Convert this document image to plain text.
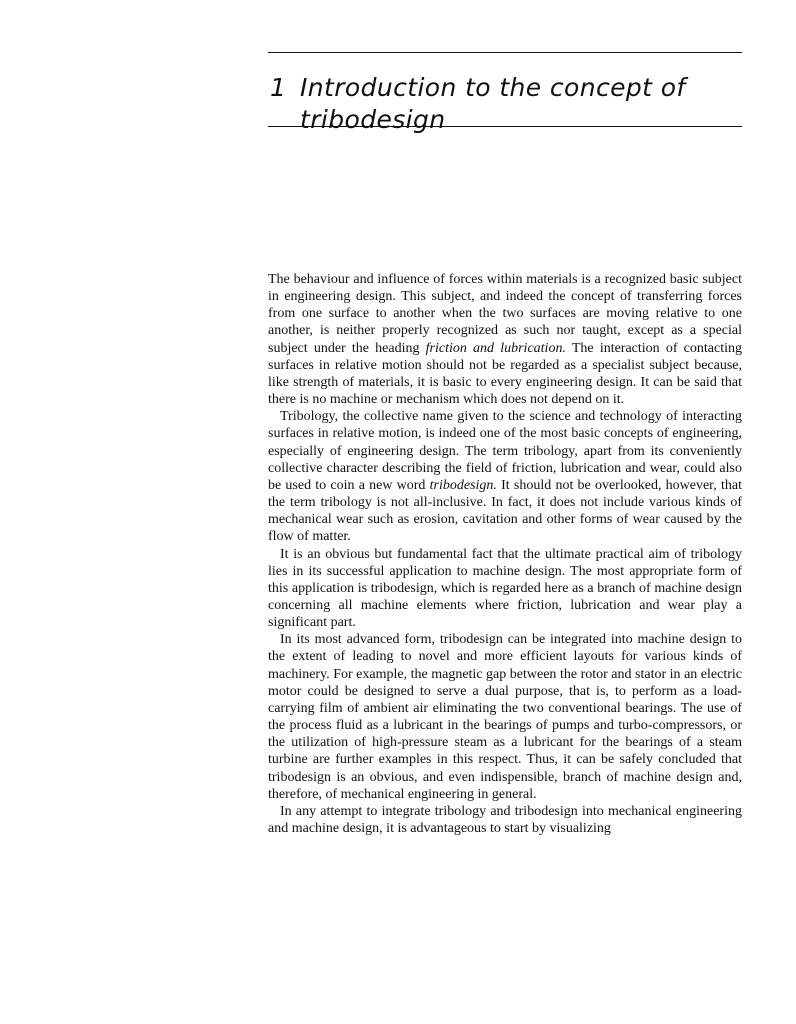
1 Introduction to the concept of
tribodesign

The behaviour and influence of forces within materials is a recognized basic subject in engineering design. This subject, and indeed the concept of transferring forces from one surface to another when the two surfaces are moving relative to one another, is neither properly recognized as such nor taught, except as a special subject under the heading friction and lubrication. The interaction of contacting surfaces in relative motion should not be regarded as a specialist subject because, like strength of materials, it is basic to every engineering design. It can be said that there is no machine or mechanism which does not depend on it.

Tribology, the collective name given to the science and technology of interacting surfaces in relative motion, is indeed one of the most basic concepts of engineering, especially of engineering design. The term tribology, apart from its conveniently collective character describing the field of friction, lubrication and wear, could also be used to coin a new word tribodesign. It should not be overlooked, however, that the term tribology is not all-inclusive. In fact, it does not include various kinds of mechanical wear such as erosion, cavitation and other forms of wear caused by the flow of matter.

It is an obvious but fundamental fact that the ultimate practical aim of tribology lies in its successful application to machine design. The most appropriate form of this application is tribodesign, which is regarded here as a branch of machine design concerning all machine elements where friction, lubrication and wear play a significant part.

In its most advanced form, tribodesign can be integrated into machine design to the extent of leading to novel and more efficient layouts for various kinds of machinery. For example, the magnetic gap between the rotor and stator in an electric motor could be designed to serve a dual purpose, that is, to perform as a load-carrying film of ambient air eliminating the two conventional bearings. The use of the process fluid as a lubricant in the bearings of pumps and turbo-compressors, or the utilization of high-pressure steam as a lubricant for the bearings of a steam turbine are further examples in this respect. Thus, it can be safely concluded that tribodesign is an obvious, and even indispensible, branch of machine design and, therefore, of mechanical engineering in general.

In any attempt to integrate tribology and tribodesign into mechanical engineering and machine design, it is advantageous to start by visualizing
